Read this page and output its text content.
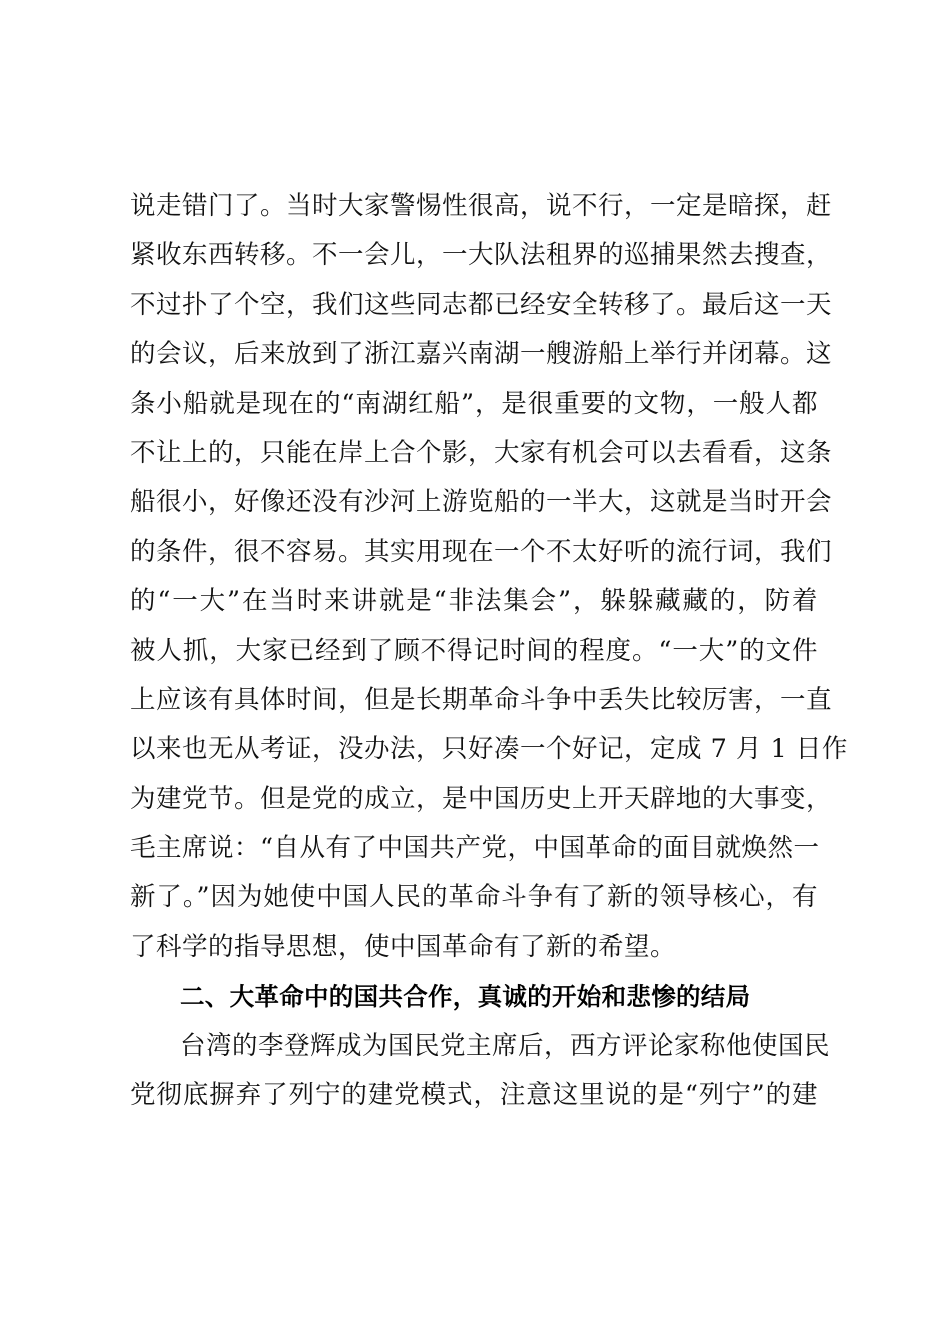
说走错门了。当时大家警惕性很高，说不行，一定是暗探，赶
紧收东西转移。不一会儿，一大队法租界的巡捕果然去搜查，
不过扑了个空，我们这些同志都已经安全转移了。最后这一天
的会议，后来放到了浙江嘉兴南湖一艘游船上举行并闭幕。这
条小船就是现在的“南湖红船”，是很重要的文物，一般人都
不让上的，只能在岸上合个影，大家有机会可以去看看，这条
船很小，好像还没有沙河上游览船的一半大，这就是当时开会
的条件，很不容易。其实用现在一个不太好听的流行词，我们
的“一大”在当时来讲就是“非法集会”，躲躲藏藏的，防着
被人抓，大家已经到了顾不得记时间的程度。“一大”的文件
上应该有具体时间，但是长期革命斗争中丢失比较厉害，一直
以来也无从考证，没办法，只好凑一个好记，定成 7 月 1 日作
为建党节。但是党的成立，是中国历史上开天辟地的大事变，
毛主席说：“自从有了中国共产党，中国革命的面目就焕然一
新了。”因为她使中国人民的革命斗争有了新的领导核心，有
了科学的指导思想，使中国革命有了新的希望。
二、大革命中的国共合作，真诚的开始和悲惨的结局
台湾的李登辉成为国民党主席后，西方评论家称他使国民
党彻底摒弃了列宁的建党模式，注意这里说的是“列宁”的建
